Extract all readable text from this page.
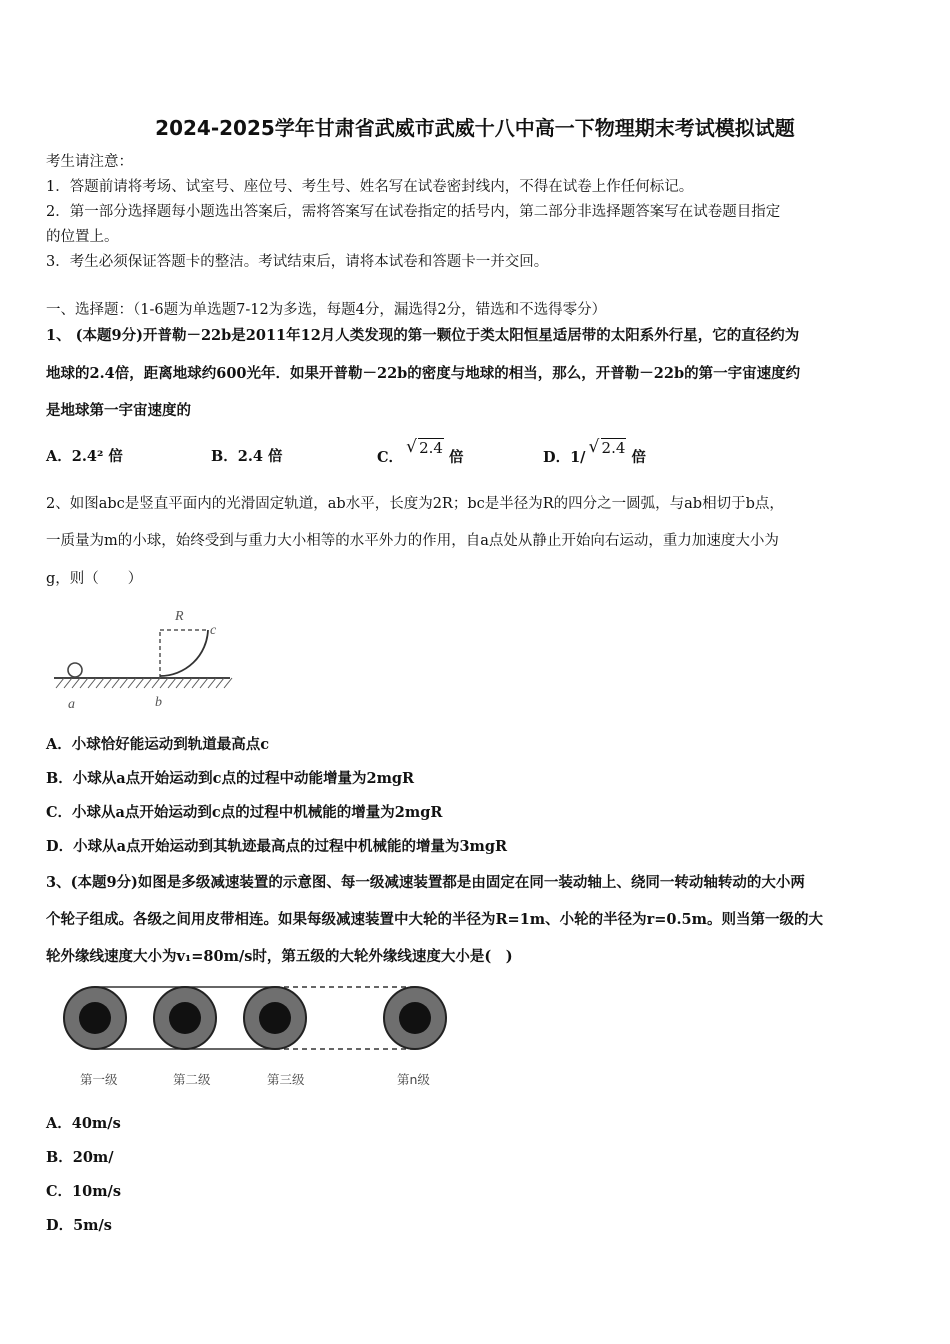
2024-2025学年甘肃省武威市武威十八中高一下物理期末考试模拟试题
考生请注意：
1．答题前请将考场、试室号、座位号、考生号、姓名写在试卷密封线内，不得在试卷上作任何标记。
2．第一部分选择题每小题选出答案后，需将答案写在试卷指定的括号内，第二部分非选择题答案写在试卷题目指定
的位置上。
3．考生必须保证答题卡的整洁。考试结束后，请将本试卷和答题卡一并交回。
一、选择题：（1-6题为单选题7-12为多选，每题4分，漏选得2分，错选和不选得零分）
1、 (本题9分)开普勒－22b是2011年12月人类发现的第一颗位于类太阳恒星适居带的太阳系外行星，它的直径约为
地球的2.4倍，距离地球约600光年．如果开普勒－22b的密度与地球的相当，那么，开普勒－22b的第一宇宙速度约
是地球第一宇宙速度的
A．2.4² 倍	B．2.4 倍	C． √ 2.4 倍	D．1/ √ 2.4 倍
2、如图abc是竖直平面内的光滑固定轨道，ab水平，长度为2R；bc是半径为R的四分之一圆弧，与ab相切于b点，
一质量为m的小球，始终受到与重力大小相等的水平外力的作用，自a点处从静止开始向右运动，重力加速度大小为
g，则（　　）
R
c
a	b
A．小球恰好能运动到轨道最高点c
B．小球从a点开始运动到c点的过程中动能增量为2mgR
C．小球从a点开始运动到c点的过程中机械能的增量为2mgR
D．小球从a点开始运动到其轨迹最高点的过程中机械能的增量为3mgR
3、(本题9分)如图是多级减速装置的示意图、每一级减速装置都是由固定在同一装动轴上、绕同一转动轴转动的大小两
个轮子组成。各级之间用皮带相连。如果每级减速装置中大轮的半径为R=1m、小轮的半径为r=0.5m。则当第一级的大
轮外缘线速度大小为v₁=80m/s时，第五级的大轮外缘线速度大小是(　)
第一级	第二级	第三级	第n级
A．40m/s
B．20m/
C．10m/s
D．5m/s
